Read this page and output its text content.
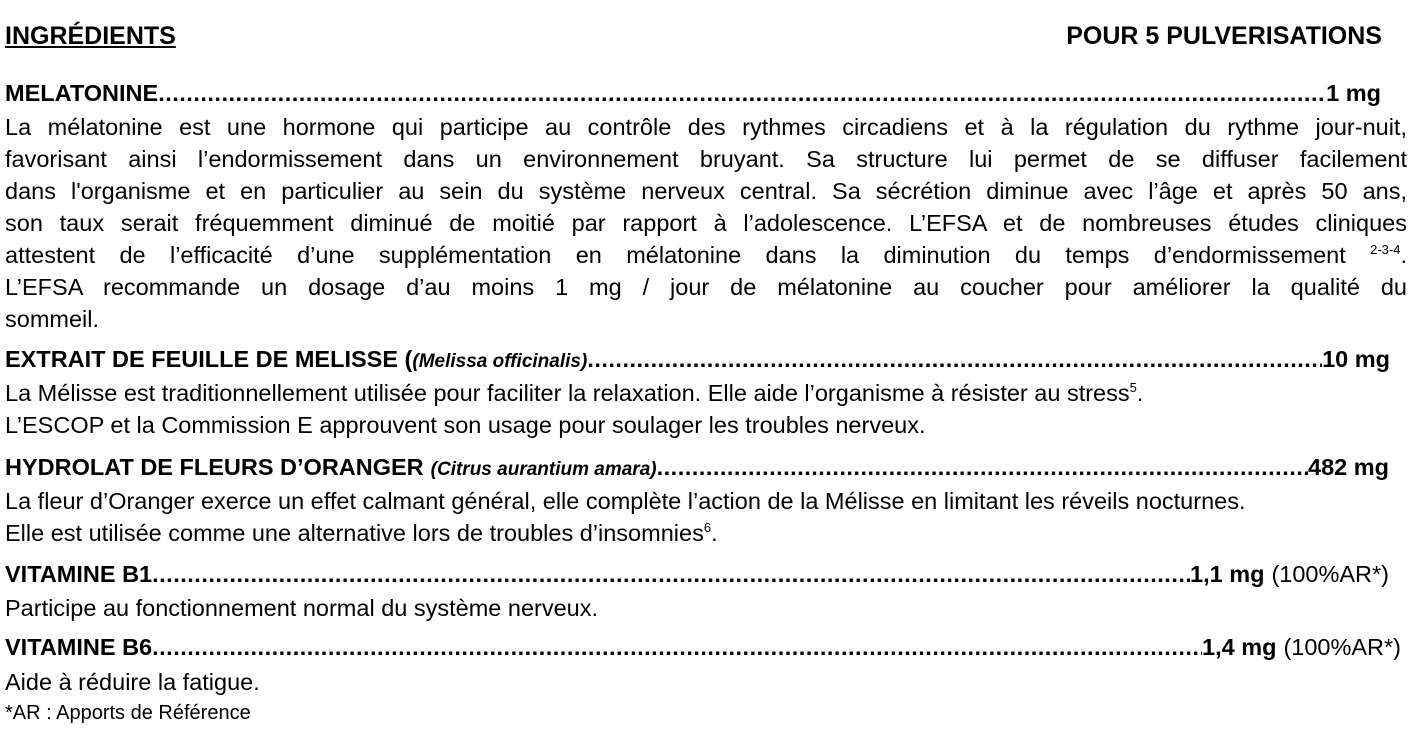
INGRÉDIENTS	POUR 5 PULVERISATIONS
MELATONINE .....	1 mg
La mélatonine est une hormone qui participe au contrôle des rythmes circadiens et à la régulation du rythme jour-nuit,
favorisant ainsi l’endormissement dans un environnement bruyant. Sa structure lui permet de se diffuser facilement
dans l'organisme et en particulier au sein du système nerveux central. Sa sécrétion diminue avec l’âge et après 50 ans,
son taux serait fréquemment diminué de moitié par rapport à l’adolescence. L’EFSA et de nombreuses études cliniques
attestent de l’efficacité d’une supplémentation en mélatonine dans la diminution du temps d’endormissement $^{2-3-4}$.
L’EFSA recommande un dosage d’au moins 1 mg / jour de mélatonine au coucher pour améliorer la qualité du
sommeil.
EXTRAIT DE FEUILLE DE MELISSE ( (Melissa officinalis) .....	10 mg
La Mélisse est traditionnellement utilisée pour faciliter la relaxation. Elle aide l’organisme à résister au stress$^5$.
L’ESCOP et la Commission E approuvent son usage pour soulager les troubles nerveux.
HYDROLAT DE FLEURS D’ORANGER (Citrus aurantium amara) .....	482 mg
La fleur d’Oranger exerce un effet calmant général, elle complète l’action de la Mélisse en limitant les réveils nocturnes.
Elle est utilisée comme une alternative lors de troubles d’insomnies$^6$.
VITAMINE B1 .....	1,1 mg (100%AR*)
Participe au fonctionnement normal du système nerveux.
VITAMINE B6 .....	1,4 mg (100%AR*)
Aide à réduire la fatigue.
*AR : Apports de Référence
